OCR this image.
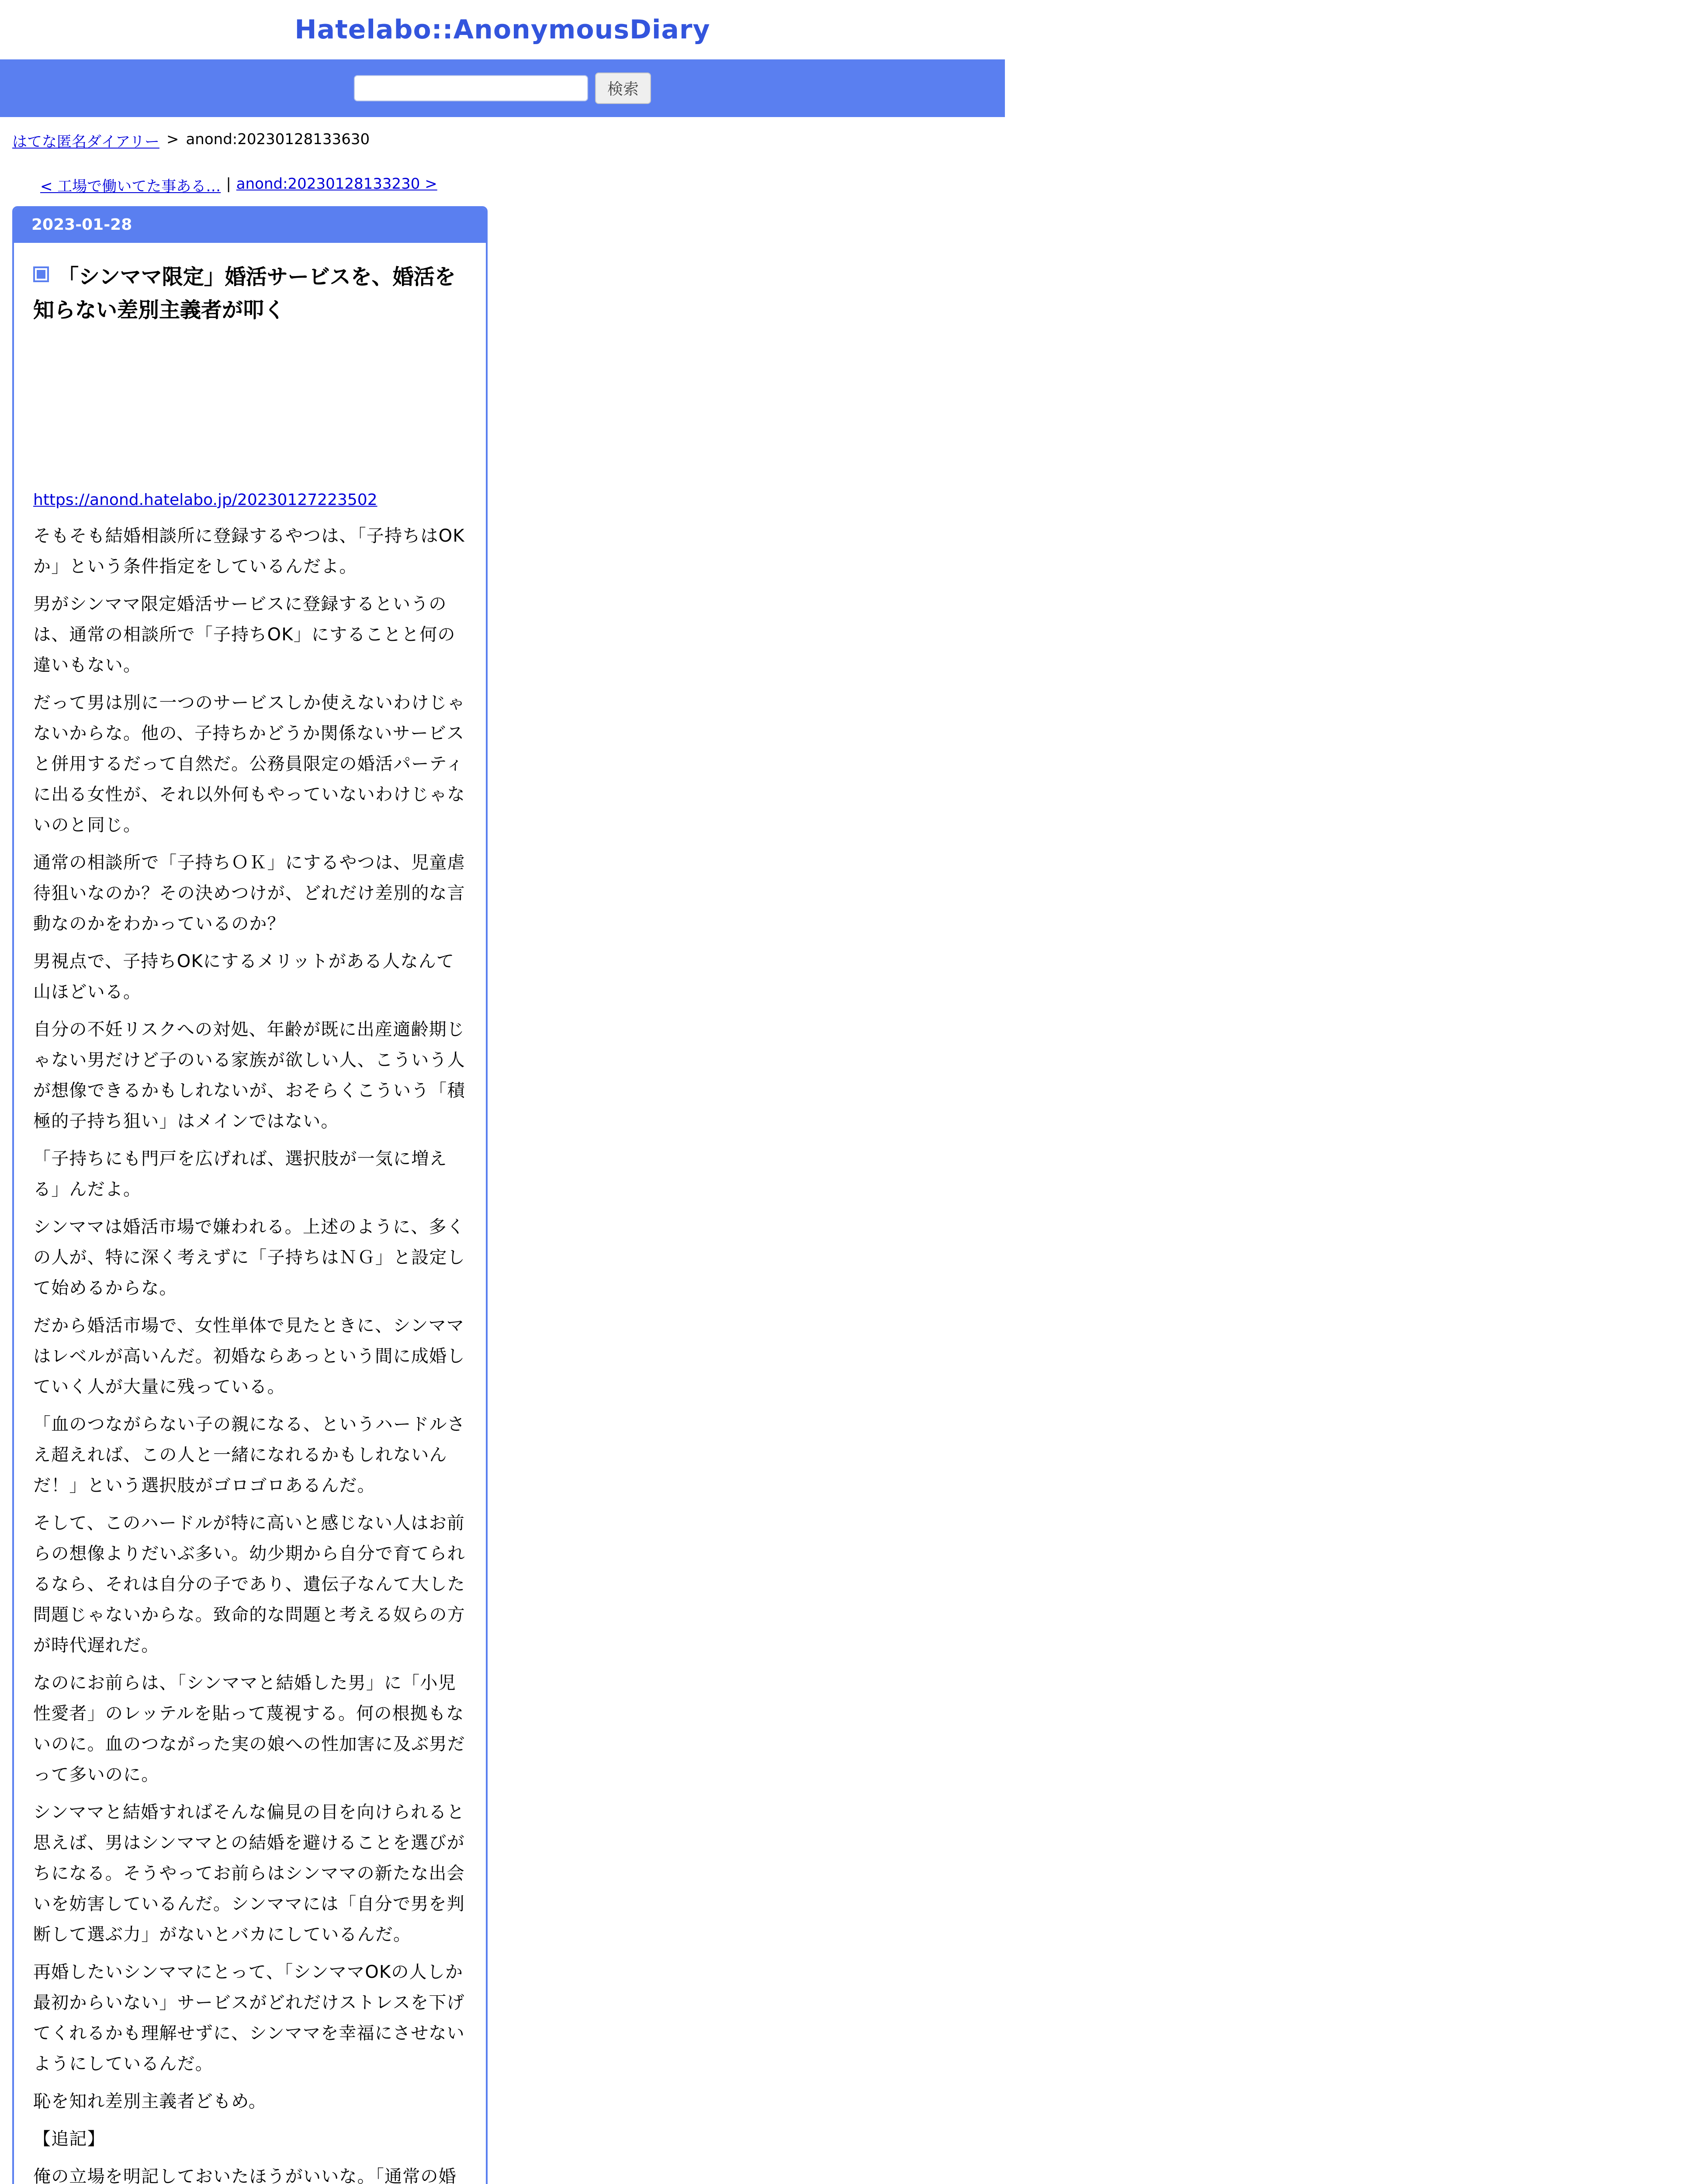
Hatelabo::AnonymousDiary
検索
はてな匿名ダイアリー > anond:20230128133630
< 工場で働いてた事ある… | anond:20230128133230 >
2023-01-28
「シンママ限定」婚活サービスを、婚活を知らない差別主義者が叩く
https://anond.hatelabo.jp/20230127223502

そもそも結婚相談所に登録するやつは、「子持ちはOKか」という条件指定をしているんだよ。

男がシンママ限定婚活サービスに登録するというのは、通常の相談所で「子持ちOK」にすることと何の違いもない。

だって男は別に一つのサービスしか使えないわけじゃないからな。他の、子持ちかどうか関係ないサービスと併用するだって自然だ。公務員限定の婚活パーティに出る女性が、それ以外何もやっていないわけじゃないのと同じ。

通常の相談所で「子持ちＯＫ」にするやつは、児童虐待狙いなのか？その決めつけが、どれだけ差別的な言動なのかをわかっているのか？

男視点で、子持ちOKにするメリットがある人なんて山ほどいる。

自分の不妊リスクへの対処、年齢が既に出産適齢期じゃない男だけど子のいる家族が欲しい人、こういう人が想像できるかもしれないが、おそらくこういう「積極的子持ち狙い」はメインではない。

「子持ちにも門戸を広げれば、選択肢が一気に増える」んだよ。

シンママは婚活市場で嫌われる。上述のように、多くの人が、特に深く考えずに「子持ちはＮＧ」と設定して始めるからな。

だから婚活市場で、女性単体で見たときに、シンママはレベルが高いんだ。初婚ならあっという間に成婚していく人が大量に残っている。

「血のつながらない子の親になる、というハードルさえ超えれば、この人と一緒になれるかもしれないんだ！」という選択肢がゴロゴロあるんだ。

そして、このハードルが特に高いと感じない人はお前らの想像よりだいぶ多い。幼少期から自分で育てられるなら、それは自分の子であり、遺伝子なんて大した問題じゃないからな。致命的な問題と考える奴らの方が時代遅れだ。

なのにお前らは、「シンママと結婚した男」に「小児性愛者」のレッテルを貼って蔑視する。何の根拠もないのに。血のつながった実の娘への性加害に及ぶ男だって多いのに。

シンママと結婚すればそんな偏見の目を向けられると思えば、男はシンママとの結婚を避けることを選びがちになる。そうやってお前らはシンママの新たな出会いを妨害しているんだ。シンママには「自分で男を判断して選ぶ力」がないとバカにしているんだ。

再婚したいシンママにとって、「シンママOKの人しか最初からいない」サービスがどれだけストレスを下げてくれるかも理解せずに、シンママを幸福にさせないようにしているんだ。

恥を知れ差別主義者どもめ。

【追記】

俺の立場を明記しておいたほうがいいな。「通常の婚
